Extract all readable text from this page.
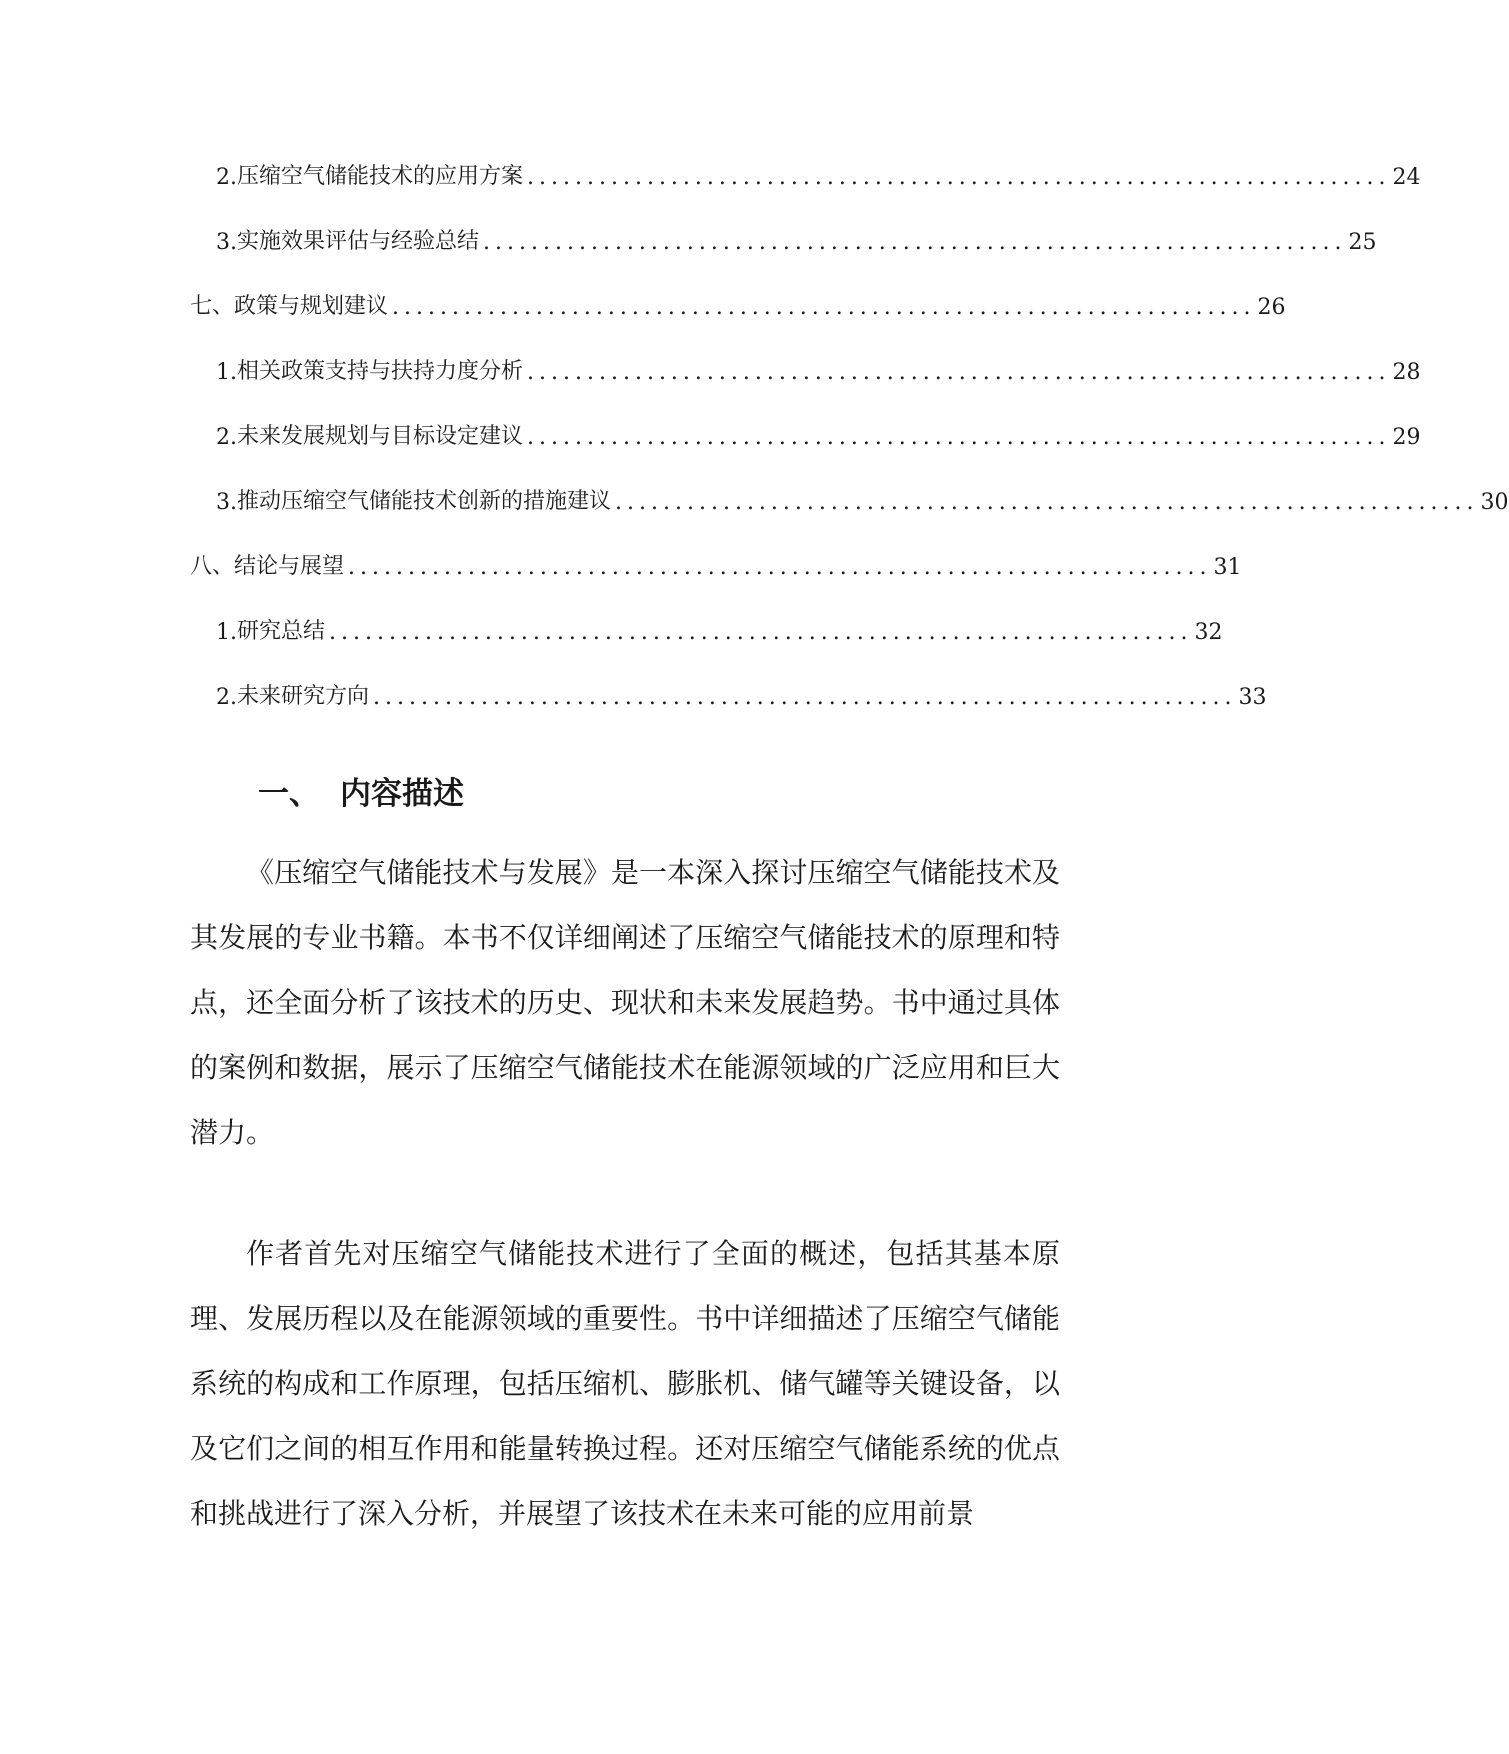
2. 压缩空气储能技术的应用方案 ........................................................................ 24
3. 实施效果评估与经验总结 ........................................................................ 25
七、政策与规划建议 ........................................................................ 26
1. 相关政策支持与扶持力度分析 ........................................................................ 28
2. 未来发展规划与目标设定建议 ........................................................................ 29
3. 推动压缩空气储能技术创新的措施建议 ........................................................................ 30
八、结论与展望 ........................................................................ 31
1. 研究总结 ........................................................................ 32
2. 未来研究方向 ........................................................................ 33
一、 内容描述

《压缩空气储能技术与发展》是一本深入探讨压缩空气储能技术及其发展的专业书籍。本书不仅详细阐述了压缩空气储能技术的原理和特点，还全面分析了该技术的历史、现状和未来发展趋势。书中通过具体的案例和数据，展示了压缩空气储能技术在能源领域的广泛应用和巨大潜力。

作者首先对压缩空气储能技术进行了全面的概述，包括其基本原理、发展历程以及在能源领域的重要性。书中详细描述了压缩空气储能系统的构成和工作原理，包括压缩机、膨胀机、储气罐等关键设备，以及它们之间的相互作用和能量转换过程。还对压缩空气储能系统的优点和挑战进行了深入分析，并展望了该技术在未来可能的应用前景
